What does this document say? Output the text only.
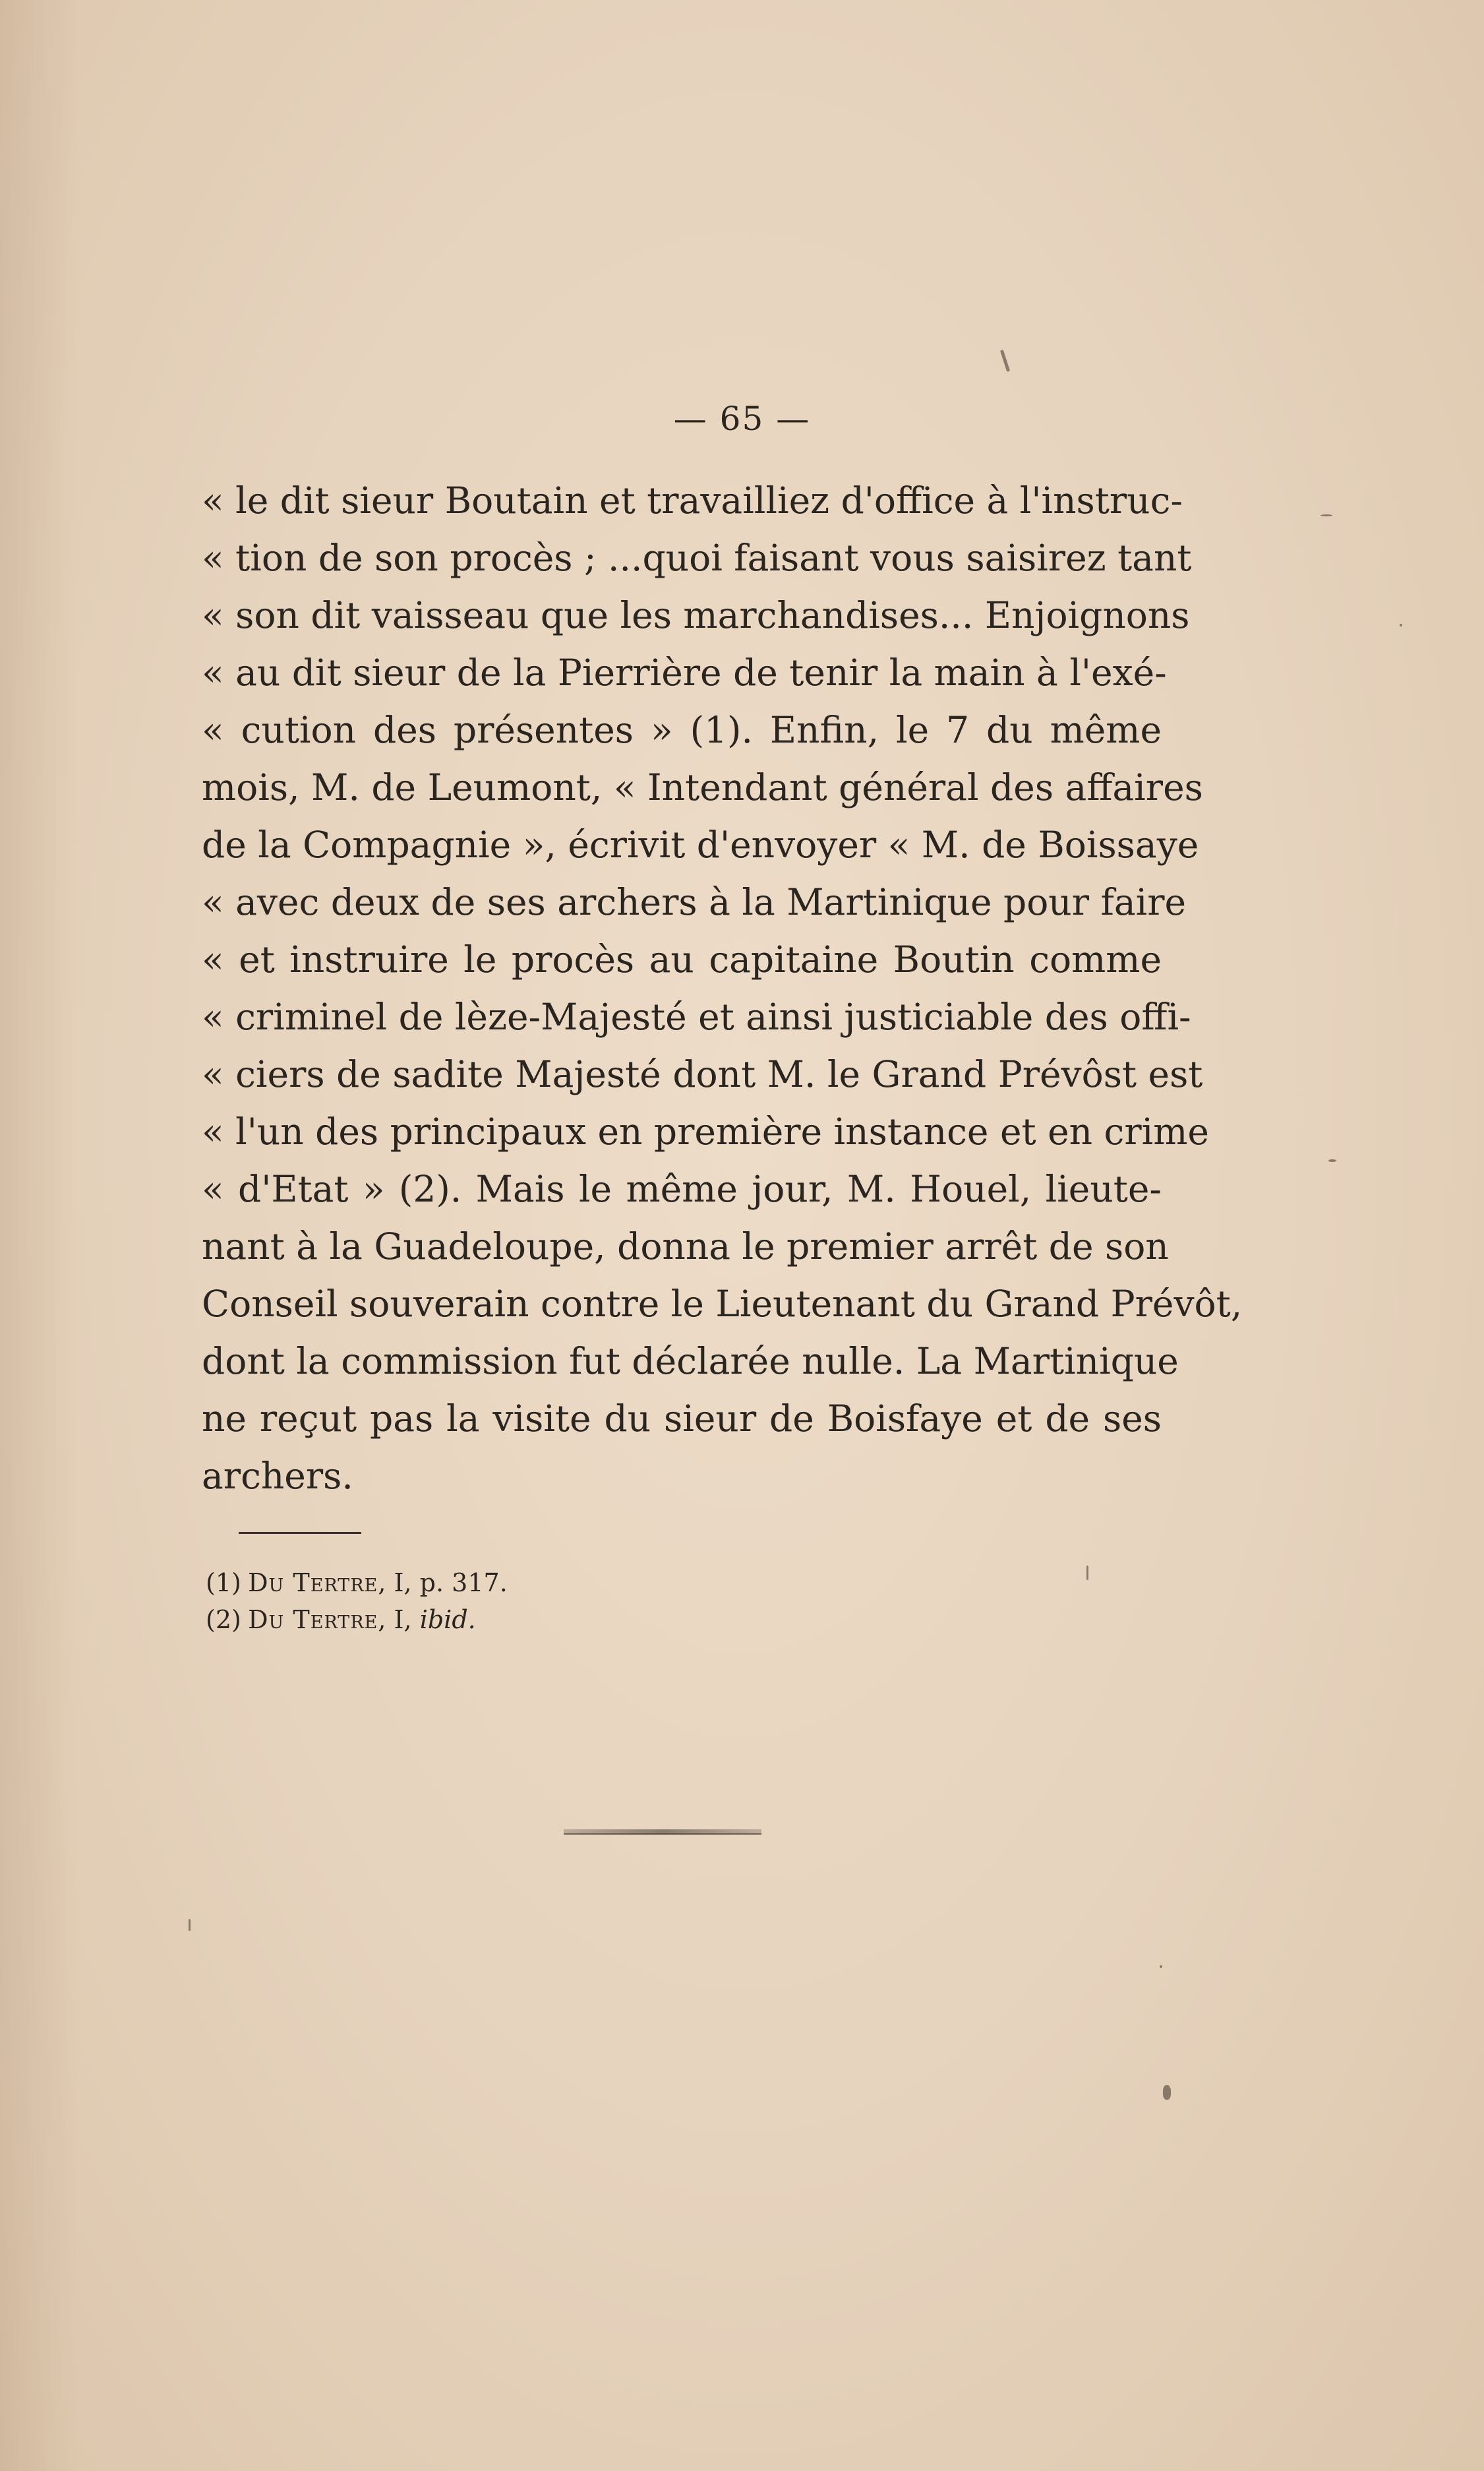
— 65 —
« le dit sieur Boutain et travailliez d'office à l'instruc-
« tion de son procès ; ...quoi faisant vous saisirez tant
« son dit vaisseau que les marchandises... Enjoignons
« au dit sieur de la Pierrière de tenir la main à l'exé-
« cution des présentes » (1). Enfin, le 7 du même
mois, M. de Leumont, « Intendant général des affaires
de la Compagnie », écrivit d'envoyer « M. de Boissaye
« avec deux de ses archers à la Martinique pour faire
« et instruire le procès au capitaine Boutin comme
« criminel de lèze-Majesté et ainsi justiciable des offi-
« ciers de sadite Majesté dont M. le Grand Prévôst est
« l'un des principaux en première instance et en crime
« d'Etat » (2). Mais le même jour, M. Houel, lieute-
nant à la Guadeloupe, donna le premier arrêt de son
Conseil souverain contre le Lieutenant du Grand Prévôt,
dont la commission fut déclarée nulle. La Martinique
ne reçut pas la visite du sieur de Boisfaye et de ses
archers.
(1) Du Tertre, I, p. 317.
(2) Du Tertre, I, ibid.
